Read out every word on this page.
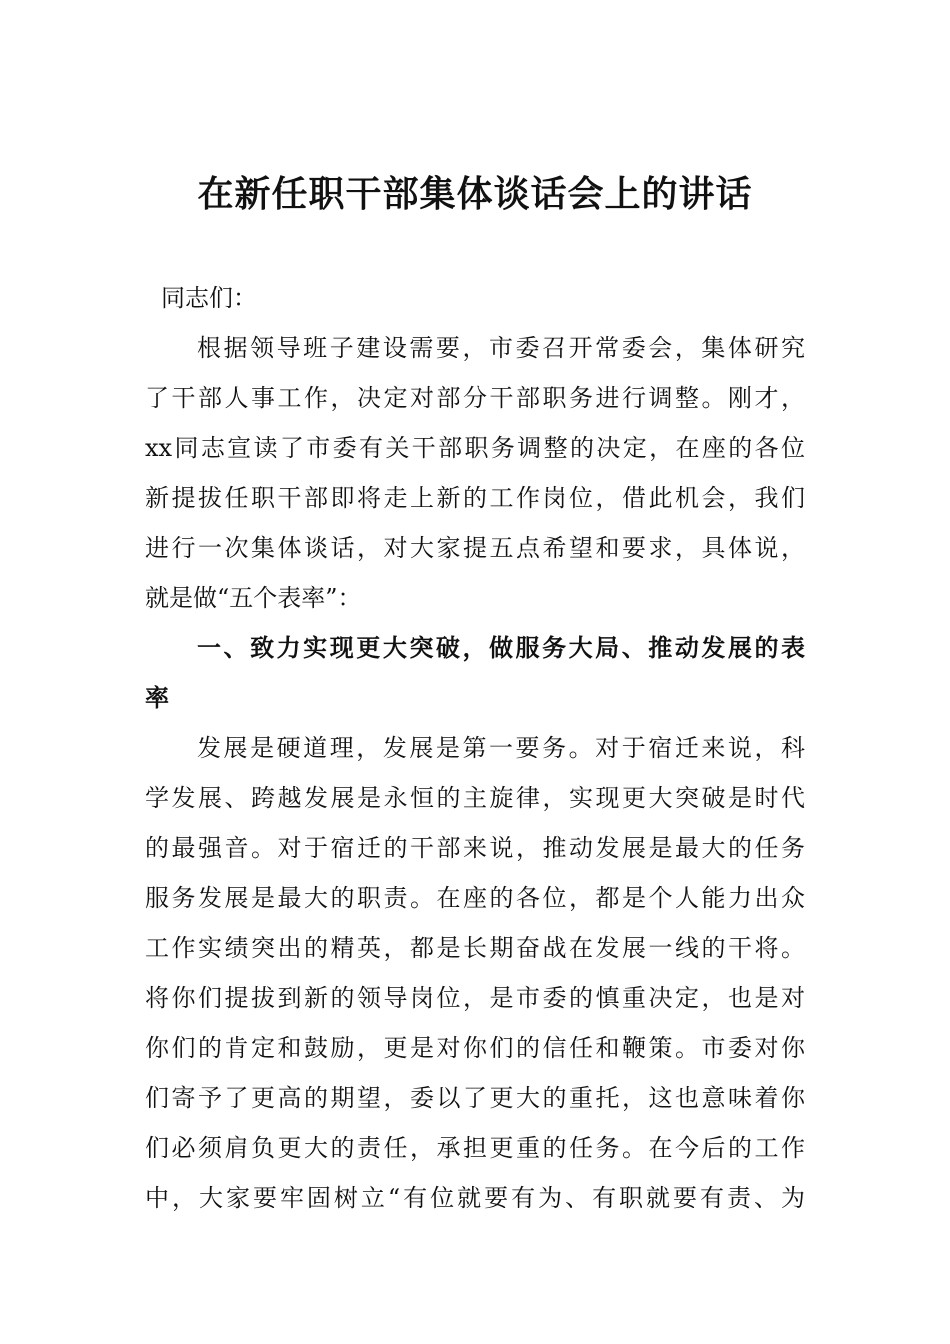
在新任职干部集体谈话会上的讲话
同志们：
根据领导班子建设需要，市委召开常委会，集体研究
了干部人事工作，决定对部分干部职务进行调整。刚才，
xx同志宣读了市委有关干部职务调整的决定，在座的各位
新提拔任职干部即将走上新的工作岗位，借此机会，我们
进行一次集体谈话，对大家提五点希望和要求，具体说，
就是做“五个表率”：
一、致力实现更大突破，做服务大局、推动发展的表
率
发展是硬道理，发展是第一要务。对于宿迁来说，科
学发展、跨越发展是永恒的主旋律，实现更大突破是时代
的最强音。对于宿迁的干部来说，推动发展是最大的任务
服务发展是最大的职责。在座的各位，都是个人能力出众
工作实绩突出的精英，都是长期奋战在发展一线的干将。
将你们提拔到新的领导岗位，是市委的慎重决定，也是对
你们的肯定和鼓励，更是对你们的信任和鞭策。市委对你
们寄予了更高的期望，委以了更大的重托，这也意味着你
们必须肩负更大的责任，承担更重的任务。在今后的工作
中，大家要牢固树立“有位就要有为、有职就要有责、为
